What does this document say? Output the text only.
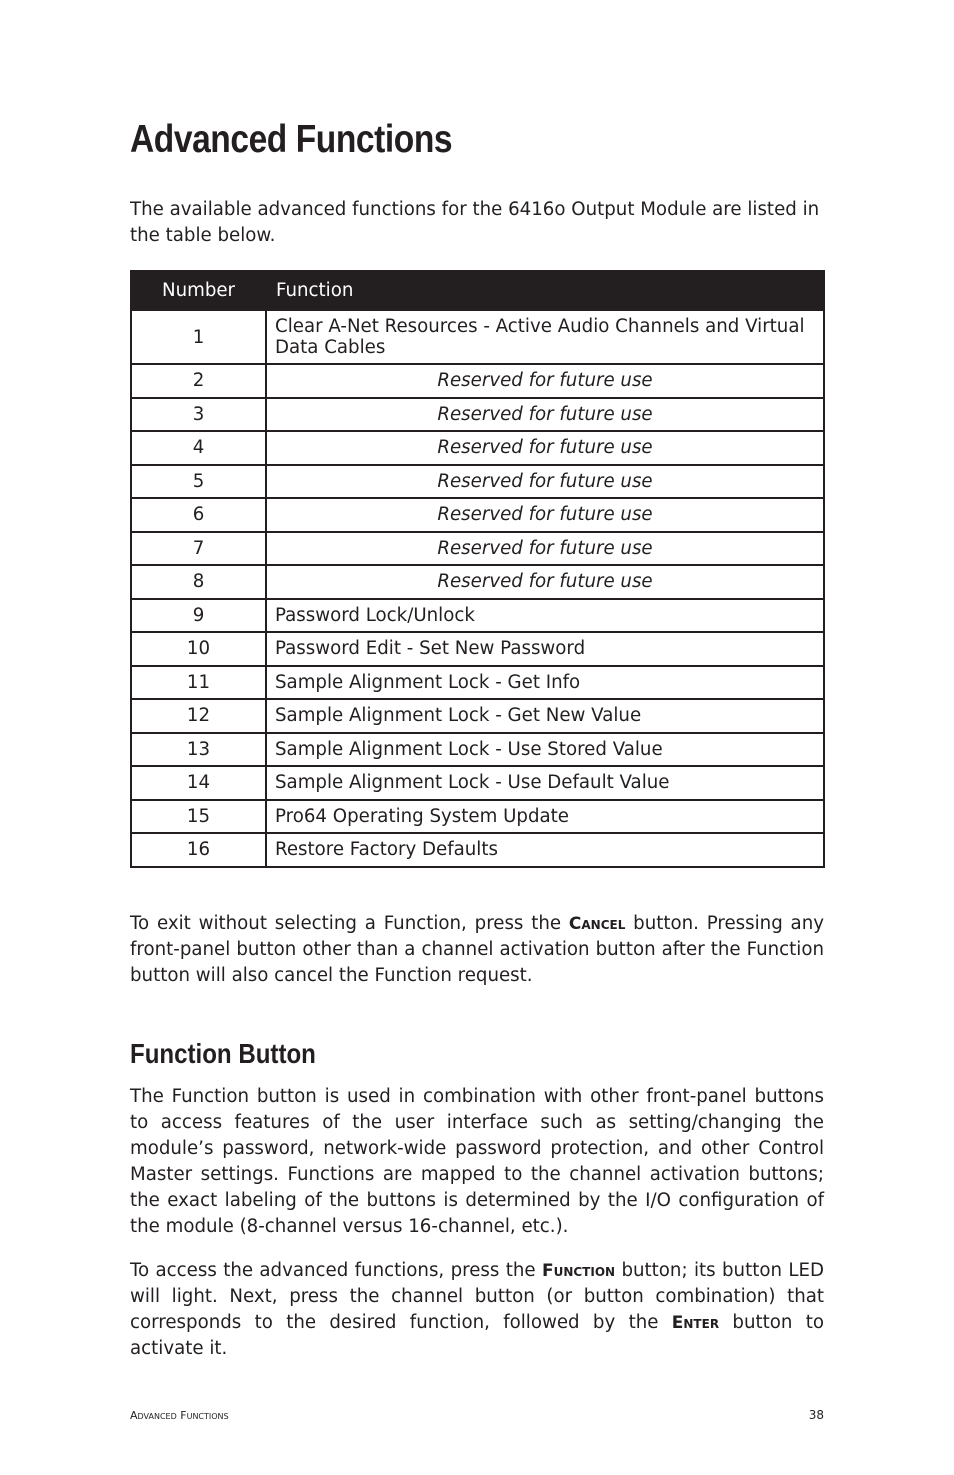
Advanced Functions

The available advanced functions for the 6416o Output Module are listed in the table below.

Number	Function
1	Clear A-Net Resources - Active Audio Channels and Virtual Data Cables
2	Reserved for future use
3	Reserved for future use
4	Reserved for future use
5	Reserved for future use
6	Reserved for future use
7	Reserved for future use
8	Reserved for future use
9	Password Lock/Unlock
10	Password Edit - Set New Password
11	Sample Alignment Lock - Get Info
12	Sample Alignment Lock - Get New Value
13	Sample Alignment Lock - Use Stored Value
14	Sample Alignment Lock - Use Default Value
15	Pro64 Operating System Update
16	Restore Factory Defaults

To exit without selecting a Function, press the Cancel button. Pressing any front-panel button other than a channel activation button after the Function button will also cancel the Function request.

Function Button

The Function button is used in combination with other front-panel buttons to access features of the user interface such as setting/changing the module’s password, network-wide password protection, and other Control Master settings. Functions are mapped to the channel activation buttons; the exact labeling of the buttons is determined by the I/O configuration of the module (8-channel versus 16-channel, etc.).

To access the advanced functions, press the Function button; its button LED will light. Next, press the channel button (or button combination) that corresponds to the desired function, followed by the Enter button to activate it.

Advanced Functions	38
